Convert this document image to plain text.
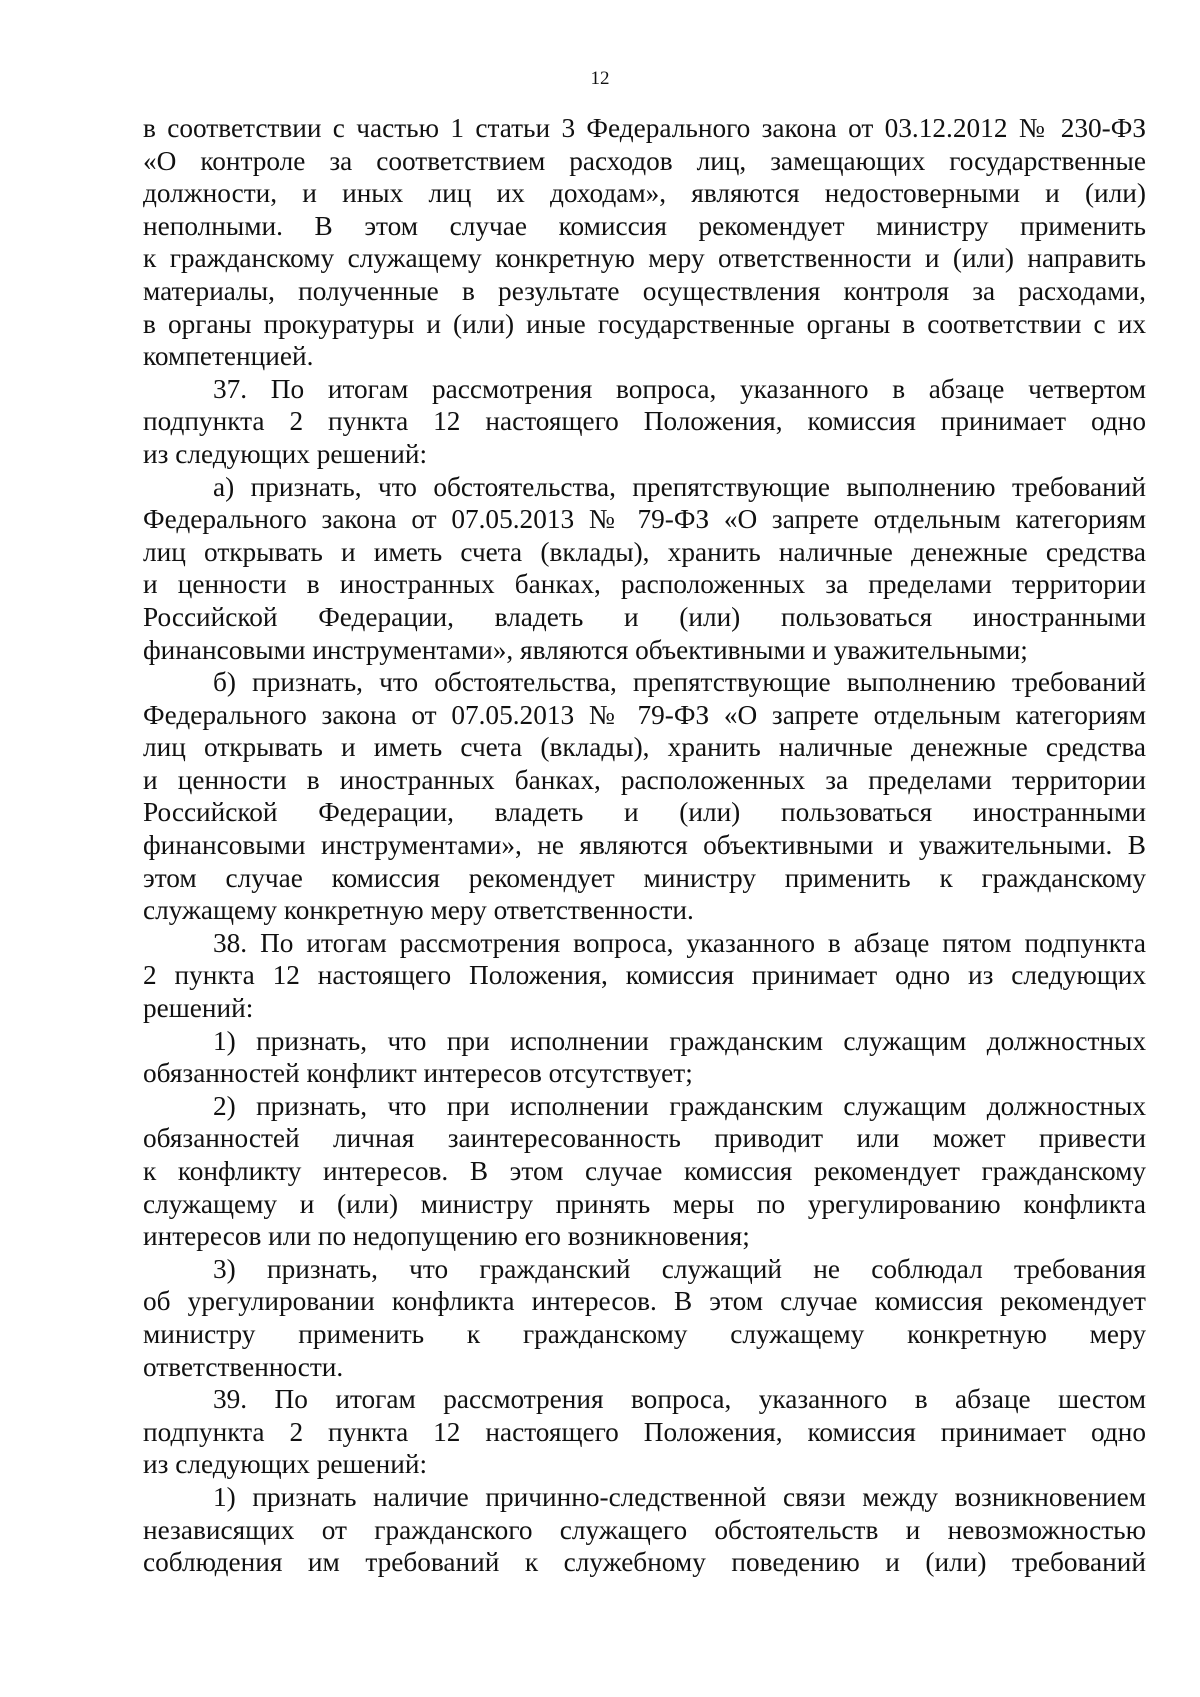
12
в соответствии с частью 1 статьи 3 Федерального закона от 03.12.2012 № 230-ФЗ
«О контроле за соответствием расходов лиц, замещающих государственные
должности, и иных лиц их доходам», являются недостоверными и (или)
неполными. В этом случае комиссия рекомендует министру применить
к гражданскому служащему конкретную меру ответственности и (или) направить
материалы, полученные в результате осуществления контроля за расходами,
в органы прокуратуры и (или) иные государственные органы в соответствии с их
компетенцией.
37. По итогам рассмотрения вопроса, указанного в абзаце четвертом
подпункта 2 пункта 12 настоящего Положения, комиссия принимает одно
из следующих решений:
а) признать, что обстоятельства, препятствующие выполнению требований
Федерального закона от 07.05.2013 № 79-ФЗ «О запрете отдельным категориям
лиц открывать и иметь счета (вклады), хранить наличные денежные средства
и ценности в иностранных банках, расположенных за пределами территории
Российской Федерации, владеть и (или) пользоваться иностранными
финансовыми инструментами», являются объективными и уважительными;
б) признать, что обстоятельства, препятствующие выполнению требований
Федерального закона от 07.05.2013 № 79-ФЗ «О запрете отдельным категориям
лиц открывать и иметь счета (вклады), хранить наличные денежные средства
и ценности в иностранных банках, расположенных за пределами территории
Российской Федерации, владеть и (или) пользоваться иностранными
финансовыми инструментами», не являются объективными и уважительными. В
этом случае комиссия рекомендует министру применить к гражданскому
служащему конкретную меру ответственности.
38. По итогам рассмотрения вопроса, указанного в абзаце пятом подпункта
2 пункта 12 настоящего Положения, комиссия принимает одно из следующих
решений:
1) признать, что при исполнении гражданским служащим должностных
обязанностей конфликт интересов отсутствует;
2) признать, что при исполнении гражданским служащим должностных
обязанностей личная заинтересованность приводит или может привести
к конфликту интересов. В этом случае комиссия рекомендует гражданскому
служащему и (или) министру принять меры по урегулированию конфликта
интересов или по недопущению его возникновения;
3) признать, что гражданский служащий не соблюдал требования
об урегулировании конфликта интересов. В этом случае комиссия рекомендует
министру применить к гражданскому служащему конкретную меру
ответственности.
39. По итогам рассмотрения вопроса, указанного в абзаце шестом
подпункта 2 пункта 12 настоящего Положения, комиссия принимает одно
из следующих решений:
1) признать наличие причинно-следственной связи между возникновением
независящих от гражданского служащего обстоятельств и невозможностью
соблюдения им требований к служебному поведению и (или) требований
